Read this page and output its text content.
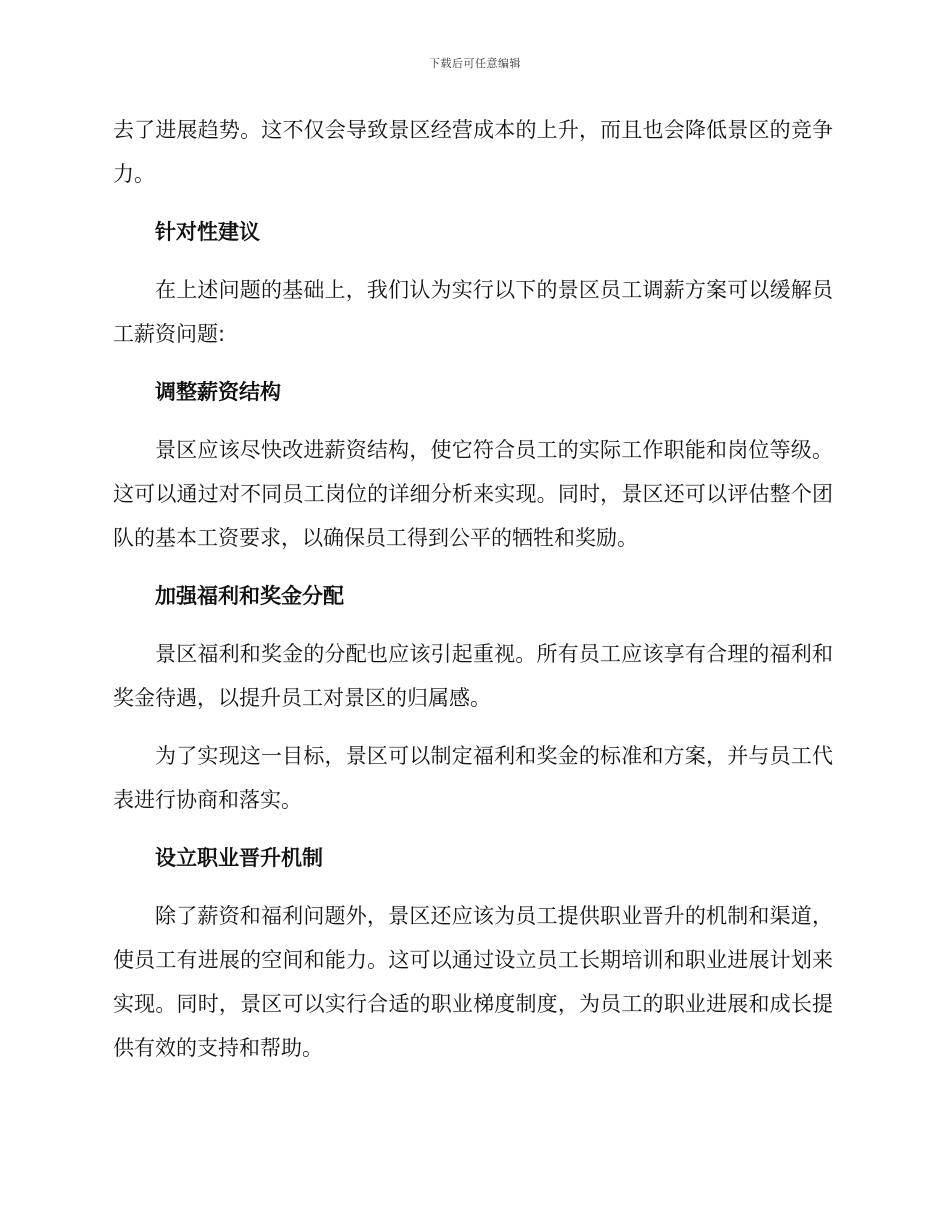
下载后可任意编辑

去了进展趋势。这不仅会导致景区经营成本的上升，而且也会降低景区的竞争力。

针对性建议

在上述问题的基础上，我们认为实行以下的景区员工调薪方案可以缓解员工薪资问题:

调整薪资结构

景区应该尽快改进薪资结构，使它符合员工的实际工作职能和岗位等级。这可以通过对不同员工岗位的详细分析来实现。同时，景区还可以评估整个团队的基本工资要求，以确保员工得到公平的牺牲和奖励。

加强福利和奖金分配

景区福利和奖金的分配也应该引起重视。所有员工应该享有合理的福利和奖金待遇，以提升员工对景区的归属感。

为了实现这一目标，景区可以制定福利和奖金的标准和方案，并与员工代表进行协商和落实。

设立职业晋升机制

除了薪资和福利问题外，景区还应该为员工提供职业晋升的机制和渠道，使员工有进展的空间和能力。这可以通过设立员工长期培训和职业进展计划来实现。同时，景区可以实行合适的职业梯度制度，为员工的职业进展和成长提供有效的支持和帮助。
